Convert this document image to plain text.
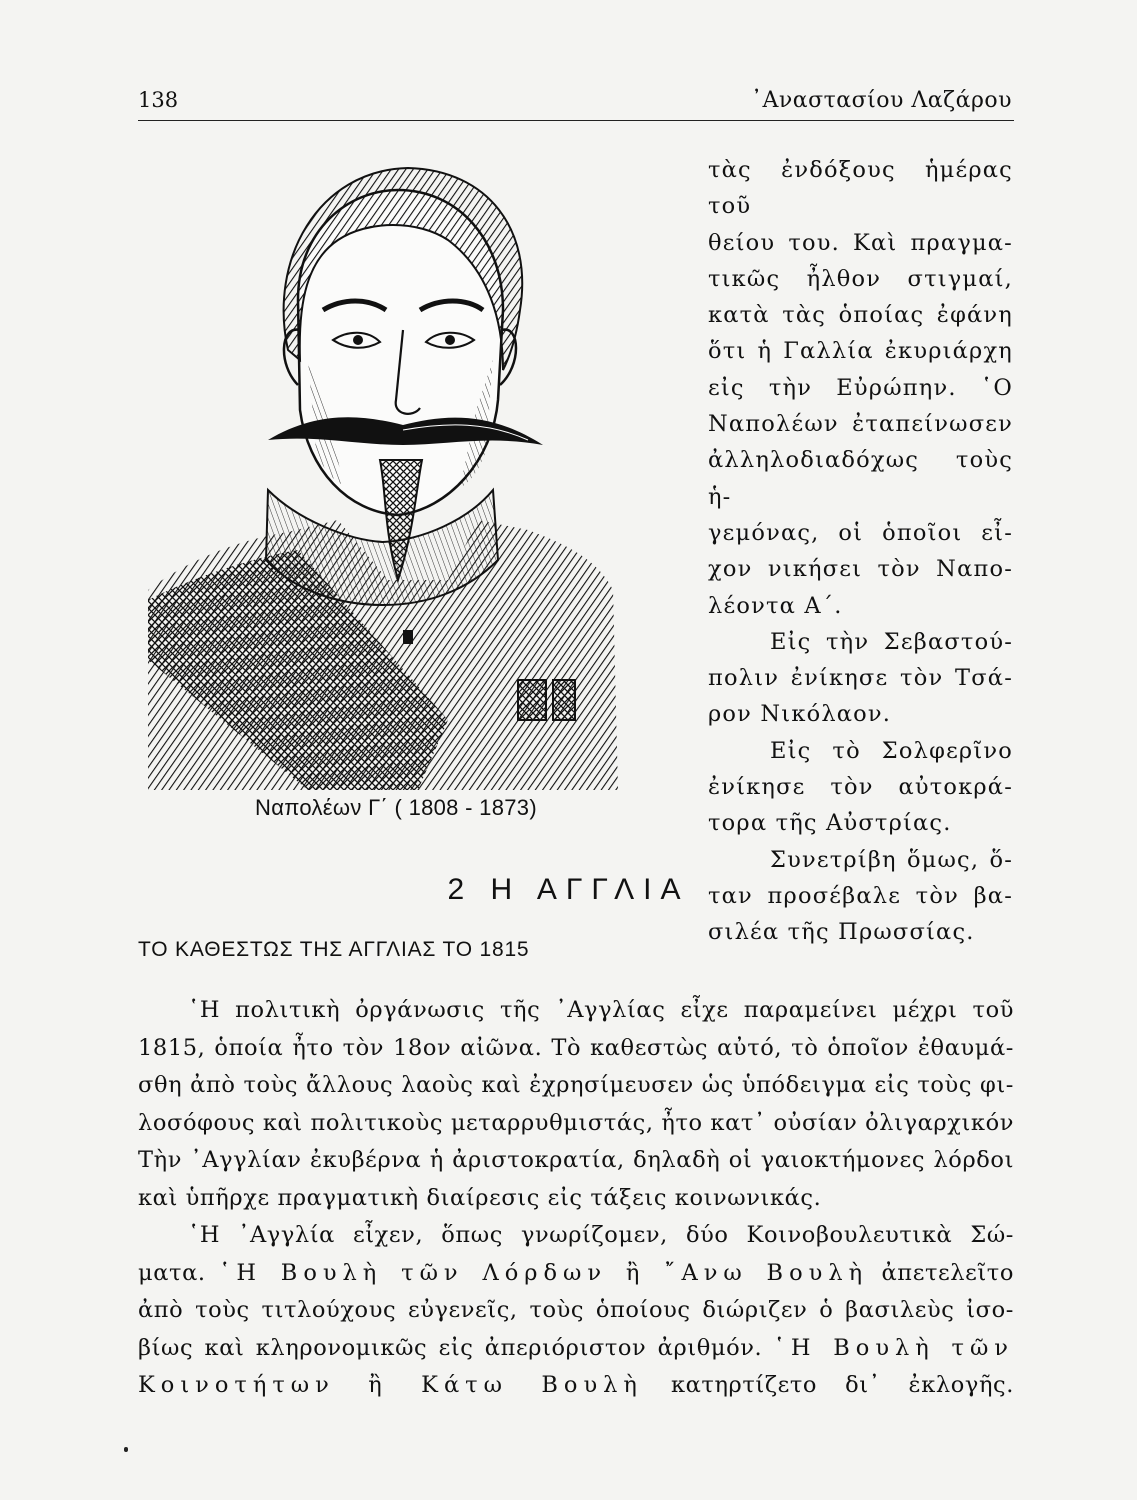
138	᾿Αναστασίου Λαζάρου
Ναπολέων Γ΄ ( 1808 - 1873)

τὰς ἐνδόξους ἡμέρας τοῦ

θείου του. Καὶ πραγμα-

τικῶς ἦλθον στιγμαί,

κατὰ τὰς ὁποίας ἐφάνη

ὅτι ἡ Γαλλία ἐκυριάρχη

εἰς τὴν Εὐρώπην. ῾Ο

Ναπολέων ἐταπείνωσεν

ἀλληλοδιαδόχως τοὺς ἡ-

γεμόνας, οἱ ὁποῖοι εἶ-

χον νικήσει τὸν Ναπο-

λέοντα Α΄.

Εἰς τὴν Σεβαστού-

πολιν ἐνίκησε τὸν Τσά-

ρον Νικόλαον.

Εἰς τὸ Σολφερῖνο

ἐνίκησε τὸν αὐτοκρά-

τορα τῆς Αὐστρίας.

Συνετρίβη ὅμως, ὅ-

ταν προσέβαλε τὸν βα-

σιλέα τῆς Πρωσσίας.

2 Η ΑΓΓΛΙΑ
ΤΟ ΚΑΘΕΣΤΩΣ ΤΗΣ ΑΓΓΛΙΑΣ ΤΟ 1815

῾Η πολιτικὴ ὀργάνωσις τῆς ᾿Αγγλίας εἶχε παραμείνει μέχρι τοῦ

1815, ὁποία ἦτο τὸν 18ον αἰῶνα. Τὸ καθεστὼς αὐτό, τὸ ὁποῖον ἐθαυμά-

σθη ἀπὸ τοὺς ἄλλους λαοὺς καὶ ἐχρησίμευσεν ὡς ὑπόδειγμα εἰς τοὺς φι-

λοσόφους καὶ πολιτικοὺς μεταρρυθμιστάς, ἦτο κατ᾿ οὐσίαν ὀλιγαρχικόν

Τὴν ᾿Αγγλίαν ἐκυβέρνα ἡ ἀριστοκρατία, δηλαδὴ οἱ γαιοκτήμονες λόρδοι

καὶ ὑπῆρχε πραγματικὴ διαίρεσις εἰς τάξεις κοινωνικάς.

῾Η ᾿Αγγλία εἶχεν, ὅπως γνωρίζομεν, δύο Κοινοβουλευτικὰ Σώ-

ματα. ῾Η Βουλὴ τῶν Λόρδων ἢ ῎Ανω Βουλὴ ἀπετελεῖτο

ἀπὸ τοὺς τιτλούχους εὐγενεῖς, τοὺς ὁποίους διώριζεν ὁ βασιλεὺς ἰσο-

βίως καὶ κληρονομικῶς εἰς ἀπεριόριστον ἀριθμόν. ῾Η Βουλὴ τῶν

Κοινοτήτων ἢ Κάτω Βουλὴ κατηρτίζετο δι᾿ ἐκλογῆς.
